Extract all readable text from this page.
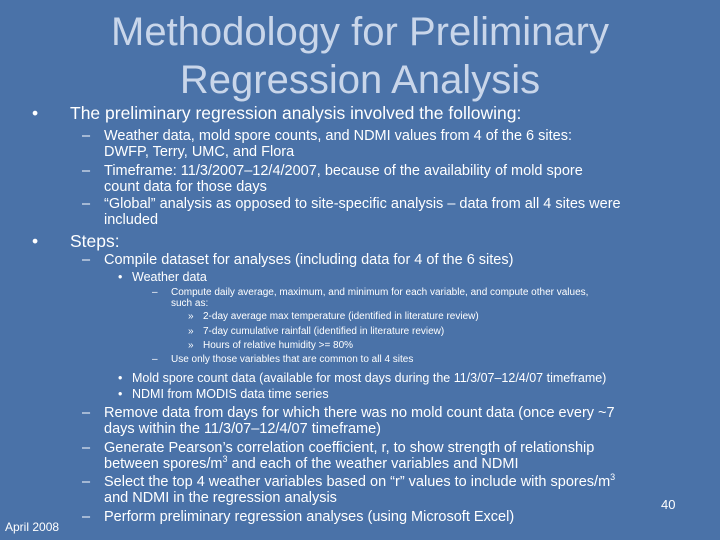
Methodology for Preliminary
Regression Analysis
• The preliminary regression analysis involved the following:
– Weather data, mold spore counts, and NDMI values from 4 of the 6 sites:
DWFP, Terry, UMC, and Flora
– Timeframe: 11/3/2007–12/4/2007, because of the availability of mold spore
count data for those days
– “Global” analysis as opposed to site-specific analysis – data from all 4 sites were
included
• Steps:
– Compile dataset for analyses (including data for 4 of the 6 sites)
• Weather data
– Compute daily average, maximum, and minimum for each variable, and compute other values,
such as:
» 2-day average max temperature (identified in literature review)
» 7-day cumulative rainfall (identified in literature review)
» Hours of relative humidity >= 80%
– Use only those variables that are common to all 4 sites
• Mold spore count data (available for most days during the 11/3/07–12/4/07 timeframe)
• NDMI from MODIS data time series
– Remove data from days for which there was no mold count data (once every ~7
days within the 11/3/07–12/4/07 timeframe)
– Generate Pearson’s correlation coefficient, r, to show strength of relationship
between spores/$m^3$ and each of the weather variables and NDMI
– Select the top 4 weather variables based on “r” values to include with spores/$m^3$
and NDMI in the regression analysis
– Perform preliminary regression analyses (using Microsoft Excel)
April 2008
40
